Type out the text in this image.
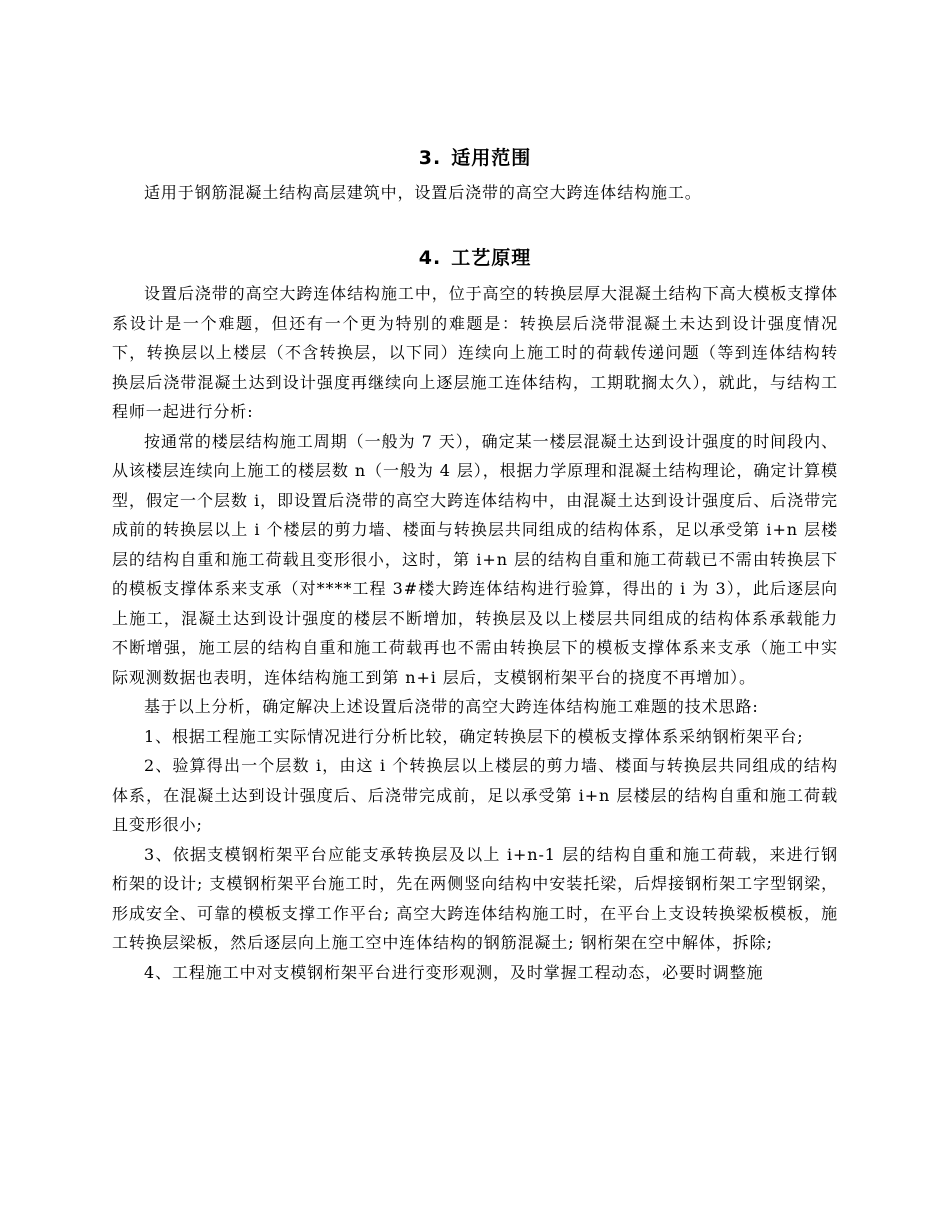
3. 适用范围

适用于钢筋混凝土结构高层建筑中，设置后浇带的高空大跨连体结构施工。

4. 工艺原理

设置后浇带的高空大跨连体结构施工中，位于高空的转换层厚大混凝土结构下高大模板支撑体系设计是一个难题，但还有一个更为特别的难题是：转换层后浇带混凝土未达到设计强度情况下，转换层以上楼层（不含转换层，以下同）连续向上施工时的荷载传递问题（等到连体结构转换层后浇带混凝土达到设计强度再继续向上逐层施工连体结构，工期耽搁太久），就此，与结构工程师一起进行分析:

按通常的楼层结构施工周期（一般为 7 天），确定某一楼层混凝土达到设计强度的时间段内、从该楼层连续向上施工的楼层数 n（一般为 4 层），根据力学原理和混凝土结构理论，确定计算模型，假定一个层数 i，即设置后浇带的高空大跨连体结构中，由混凝土达到设计强度后、后浇带完成前的转换层以上 i 个楼层的剪力墙、楼面与转换层共同组成的结构体系，足以承受第 i+n 层楼层的结构自重和施工荷载且变形很小，这时，第 i+n 层的结构自重和施工荷载已不需由转换层下的模板支撑体系来支承（对****工程 3#楼大跨连体结构进行验算，得出的 i 为 3），此后逐层向上施工，混凝土达到设计强度的楼层不断增加，转换层及以上楼层共同组成的结构体系承载能力不断增强，施工层的结构自重和施工荷载再也不需由转换层下的模板支撑体系来支承（施工中实际观测数据也表明，连体结构施工到第 n+i 层后，支模钢桁架平台的挠度不再增加）。

基于以上分析，确定解决上述设置后浇带的高空大跨连体结构施工难题的技术思路:

1、根据工程施工实际情况进行分析比较，确定转换层下的模板支撑体系采纳钢桁架平台;

2、验算得出一个层数 i，由这 i 个转换层以上楼层的剪力墙、楼面与转换层共同组成的结构体系，在混凝土达到设计强度后、后浇带完成前，足以承受第 i+n 层楼层的结构自重和施工荷载且变形很小;

3、依据支模钢桁架平台应能支承转换层及以上 i+n-1 层的结构自重和施工荷载，来进行钢桁架的设计; 支模钢桁架平台施工时，先在两侧竖向结构中安装托梁，后焊接钢桁架工字型钢梁，形成安全、可靠的模板支撑工作平台; 高空大跨连体结构施工时，在平台上支设转换梁板模板，施工转换层梁板，然后逐层向上施工空中连体结构的钢筋混凝土; 钢桁架在空中解体，拆除;

4、工程施工中对支模钢桁架平台进行变形观测，及时掌握工程动态，必要时调整施
